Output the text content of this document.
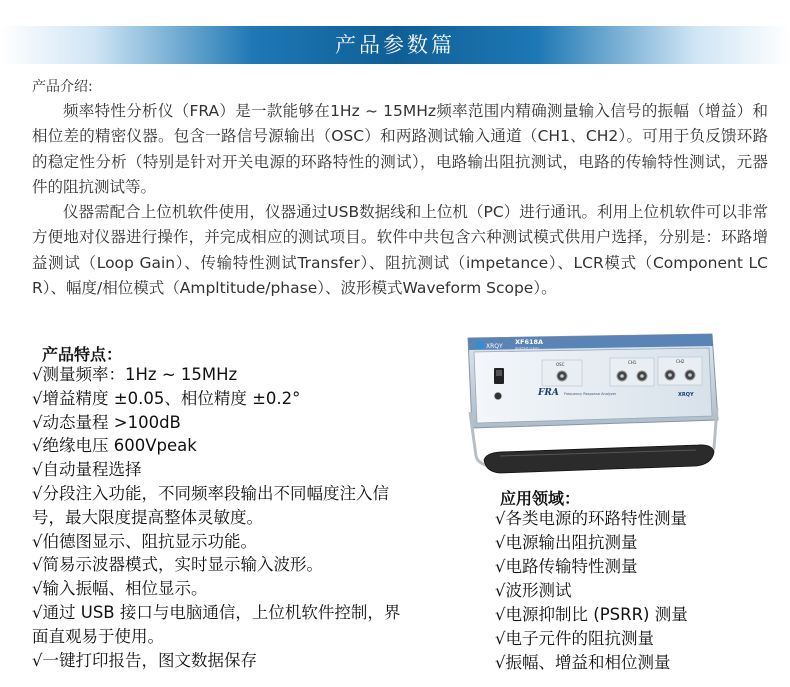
产品参数篇
产品介绍:

频率特性分析仪（FRA）是一款能够在1Hz ~ 15MHz频率范围内精确测量输入信号的振幅（增益）和相位差的精密仪器。包含一路信号源输出（OSC）和两路测试输入通道（CH1、CH2）。可用于负反馈环路的稳定性分析（特别是针对开关电源的环路特性的测试），电路输出阻抗测试，电路的传输特性测试，元器件的阻抗测试等。

仪器需配合上位机软件使用，仪器通过USB数据线和上位机（PC）进行通讯。利用上位机软件可以非常方便地对仪器进行操作，并完成相应的测试项目。软件中共包含六种测试模式供用户选择，分别是：环路增益测试（Loop Gain）、传输特性测试Transfer）、阻抗测试（impetance）、LCR模式（Component LCR）、幅度/相位模式（Ampltitude/phase）、波形模式Waveform Scope）。

产品特点：
√测量频率：1Hz ~ 15MHz
√增益精度 ±0.05、相位精度 ±0.2°
√动态量程 >100dB
√绝缘电压 600Vpeak
√自动量程选择
√分段注入功能，不同频率段输出不同幅度注入信号，最大限度提高整体灵敏度。
√伯德图显示、阻抗显示功能。
√简易示波器模式，实时显示输入波形。
√输入振幅、相位显示。
√通过 USB 接口与电脑通信，上位机软件控制，界面直观易于使用。
√一键打印报告，图文数据保存
XRQY
XF618A
频率特性分析仪
FRA Frequency Response Analyzer
OSC	CH1	CH2
XRQY
应用领域：
√各类电源的环路特性测量
√电源输出阻抗测量
√电路传输特性测量
√波形测试
√电源抑制比 (PSRR) 测量
√电子元件的阻抗测量
√振幅、增益和相位测量
